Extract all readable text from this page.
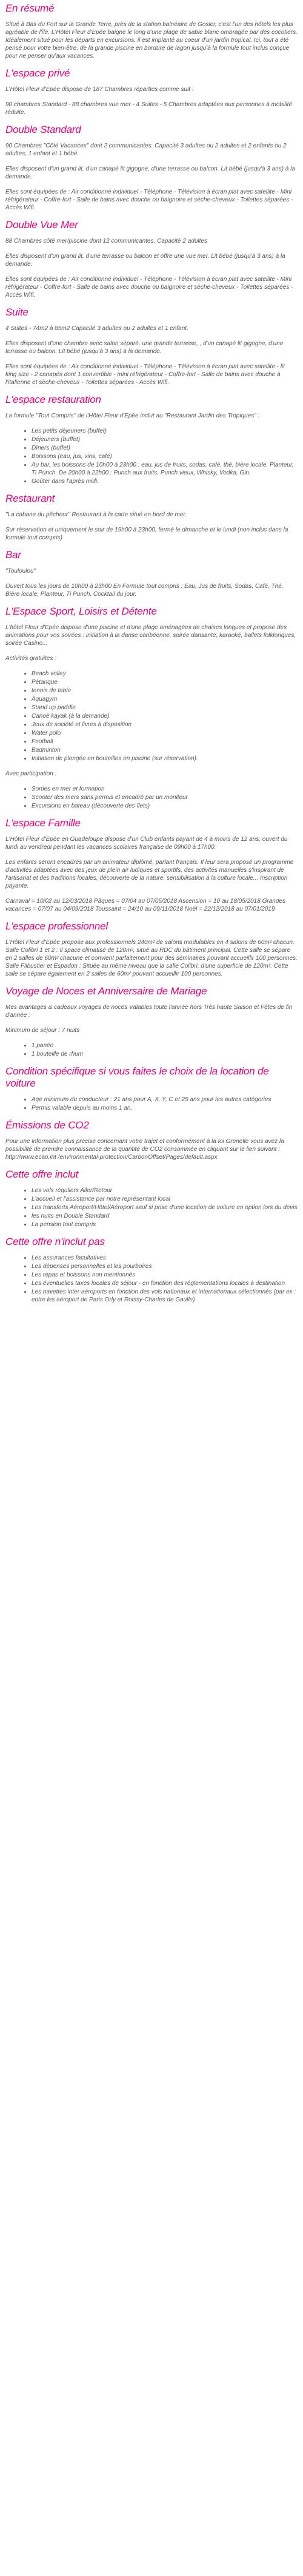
En résumé

Situé à Bas du Fort sur la Grande Terre, près de la station balnéaire de Gosier, c'est l'un des hôtels les plus agréable de l'île. L'Hôtel Fleur d'Epée baigne le long d'une plage de sable blanc ombragée par des cocotiers. Idéalement situé pour les départs en excursions, il est implanté au coeur d'un jardin tropical. Ici, tout a été pensé pour votre bien-être, de la grande piscine en bordure de lagon jusqu'à la formule tout inclus conçue pour ne penser qu'aux vacances.

L'espace privé

L'Hôtel Fleur d'Epée dispose de 187 Chambres réparties comme suit :

90 chambres Standard - 88 chambres vue mer - 4 Suites - 5 Chambres adaptées aux personnes à mobilité réduite.

Double Standard

90 Chambres "Côté Vacances" dont 2 communicantes. Capacité 3 adultes ou 2 adultes et 2 enfants ou 2 adultes, 1 enfant et 1 bébé.

Elles disposent d'un grand lit, d'un canapé lit gigogne, d'une terrasse ou balcon. Lit bébé (jusqu'à 3 ans) à la demande.

Elles sont équipées de : Air conditionné individuel - Téléphone - Télévision à écran plat avec satellite - Mini réfrigérateur - Coffre-fort - Salle de bains avec douche ou baignoire et sèche-cheveux - Toilettes séparées - Accès Wifi.

Double Vue Mer

88 Chambres côté mer/piscine dont 12 communicantes. Capacité 2 adultes

Elles disposent d'un grand lit, d'une terrasse ou balcon et offre une vue mer. Lit bébé (jusqu'à 3 ans) à la demande.

Elles sont équipées de : Air conditionné individuel - Téléphone - Télévision à écran plat avec satellite - Mini réfrigérateur - Coffre-fort - Salle de bains avec douche ou baignoire et sèche-cheveux - Toilettes séparées - Accès Wifi.

Suite

4 Suites - 74m2 à 85m2 Capacité 3 adultes ou 2 adultes et 1 enfant.

Elles disposent d'une chambre avec salon séparé, une grande terrasse, , d'un canapé lit gigogne, d'une terrasse ou balcon. Lit bébé (jusqu'à 3 ans) à la demande.

Elles sont équipées de : Air conditionné individuel - Téléphone - Télévision à écran plat avec satellite - lit king size - 2 canapés dont 1 convertible - mini réfrigérateur - Coffre-fort - Salle de bains avec douche à l'italienne et sèche-cheveux - Toilettes séparées - Accès Wifi.

L'espace restauration

La formule "Tout Compris" de l'Hôtel Fleur d'Epée inclut au "Restaurant Jardin des Tropiques" :

• Les petits déjeuners (buffet)
• Déjeuners (buffet)
• Dîners (buffet)
• Boissons (eau, jus, vins, café)
• Au bar, les boissons de 10h00 à 23h00 : eau, jus de fruits, sodas, café, thé, bière locale, Planteur, Ti Punch. De 20h00 à 22h00 : Punch aux fruits, Punch vieux, Whisky, Vodka, Gin.
• Goûter dans l'après midi.
Restaurant

"La cabane du pêcheur" Restaurant à la carte situé en bord de mer.

Sur réservation et uniquement le soir de 19h00 à 23h00, fermé le dimanche et le lundi (non inclus dans la formule tout compris)

Bar

"Touloulou"

Ouvert tous les jours de 10h00 à 23h00 En Formule tout compris : Eau, Jus de fruits, Sodas, Café, Thé, Bière locale, Planteur, Ti Punch, Cocktail du jour.

L'Espace Sport, Loisirs et Détente

L'hôtel Fleur d'Epée dispose d'une piscine et d'une plage aménagées de chaises longues et propose des animations pour vos soirées : initiation à la danse caribéenne, soirée dansante, karaoké, ballets folkloriques, soirée Casino...

Activités gratuites :

• Beach volley
• Pétanque
• tennis de table
• Aquagym
• Stand up paddle
• Canoë kayak (à la demande)
• Jeux de société et livres à disposition
• Water polo
• Football
• Badminton
• Initiation de plongée en bouteilles en piscine (sur réservation).

Avec participation :

• Sorties en mer et formation
• Scooter des mers sans permis et encadré par un moniteur
• Excursions en bateau (découverte des îlets)
L'espace Famille

L'Hôtel Fleur d'Epée en Guadeloupe dispose d'un Club enfants payant de 4 à moins de 12 ans, ouvert du lundi au vendredi pendant les vacances scolaires française de 09h00 à 17h00.

Les enfants seront encadrés par un animateur diplômé, parlant français. Il leur sera proposé un programme d'activités adaptées avec des jeux de plein air ludiques et sportifs, des activités manuelles s'inspirant de l'artisanat et des traditions locales, découverte de la nature, sensibilisation à la culture locale... Inscription payante.

Carnaval = 10/02 au 12/03/2018 Pâques = 07/04 au 07/05/2018 Ascension = 10 au 18/05/2018 Grandes vacances = 07/07 au 04/09/2018 Toussaint = 24/10 au 09/11/2018 Noël = 22/12/2018 au 07/01/2019

L'espace professionnel

L'Hôtel Fleur d'Epée propose aux professionnels 240m² de salons modulables en 4 salons de 60m² chacun. Salle Colibri 1 et 2 : Il space climatisé de 120m², situé au RDC du bâtiment principal. Cette salle se sépare en 2 salles de 60m² chacune et convient parfaitement pour des séminaires pouvant accueillir 100 personnes. Salle Flibustier et Espadon : Située au même niveau que la salle Colibri, d'une superficie de 120m². Cette salle se sépare également en 2 salles de 60m² pouvant accueillir 100 personnes.

Voyage de Noces et Anniversaire de Mariage

Mes avantages & cadeaux voyages de noces Valables toute l'année hors Très haute Saison et Fêtes de fin d'année :

Minimum de séjour : 7 nuits

• 1 panéo
• 1 bouteille de rhum
Condition spécifique si vous faites le choix de la location de voiture
• Age minimum du conducteur : 21 ans pour A, X, Y, C et 25 ans pour les autres catégories
• Permis valable depuis au moins 1 an.
Émissions de CO2

Pour une information plus précise concernant votre trajet et conformément à la loi Grenelle vous avez la possibilité de prendre connaissance de la quantité de CO2 consommée en cliquant sur le lien suivant : http://www.ecao.int /environmental-protection/CarbonOffset/Pages/default.aspx

Cette offre inclut
• Les vols réguliers Aller/Retour
• L'accueil et l'assistance par notre représentant local
• Les transferts Aéroport/Hôtel/Aéroport sauf si prise d'une location de voiture en option lors du devis
• les nuits en Double Standard
• La pension tout compris
Cette offre n'inclut pas
• Les assurances facultatives
• Les dépenses personnelles et les pourboires
• Les repas et boissons non mentionnés
• Les éventuelles taxes locales de séjour - en fonction des réglementations locales à destination
• Les navettes inter-aéroports en fonction des vols nationaux et internationaux sélectionnés (par ex : entre les aéroport de Paris Orly et Roissy-Charles de Gaulle)
